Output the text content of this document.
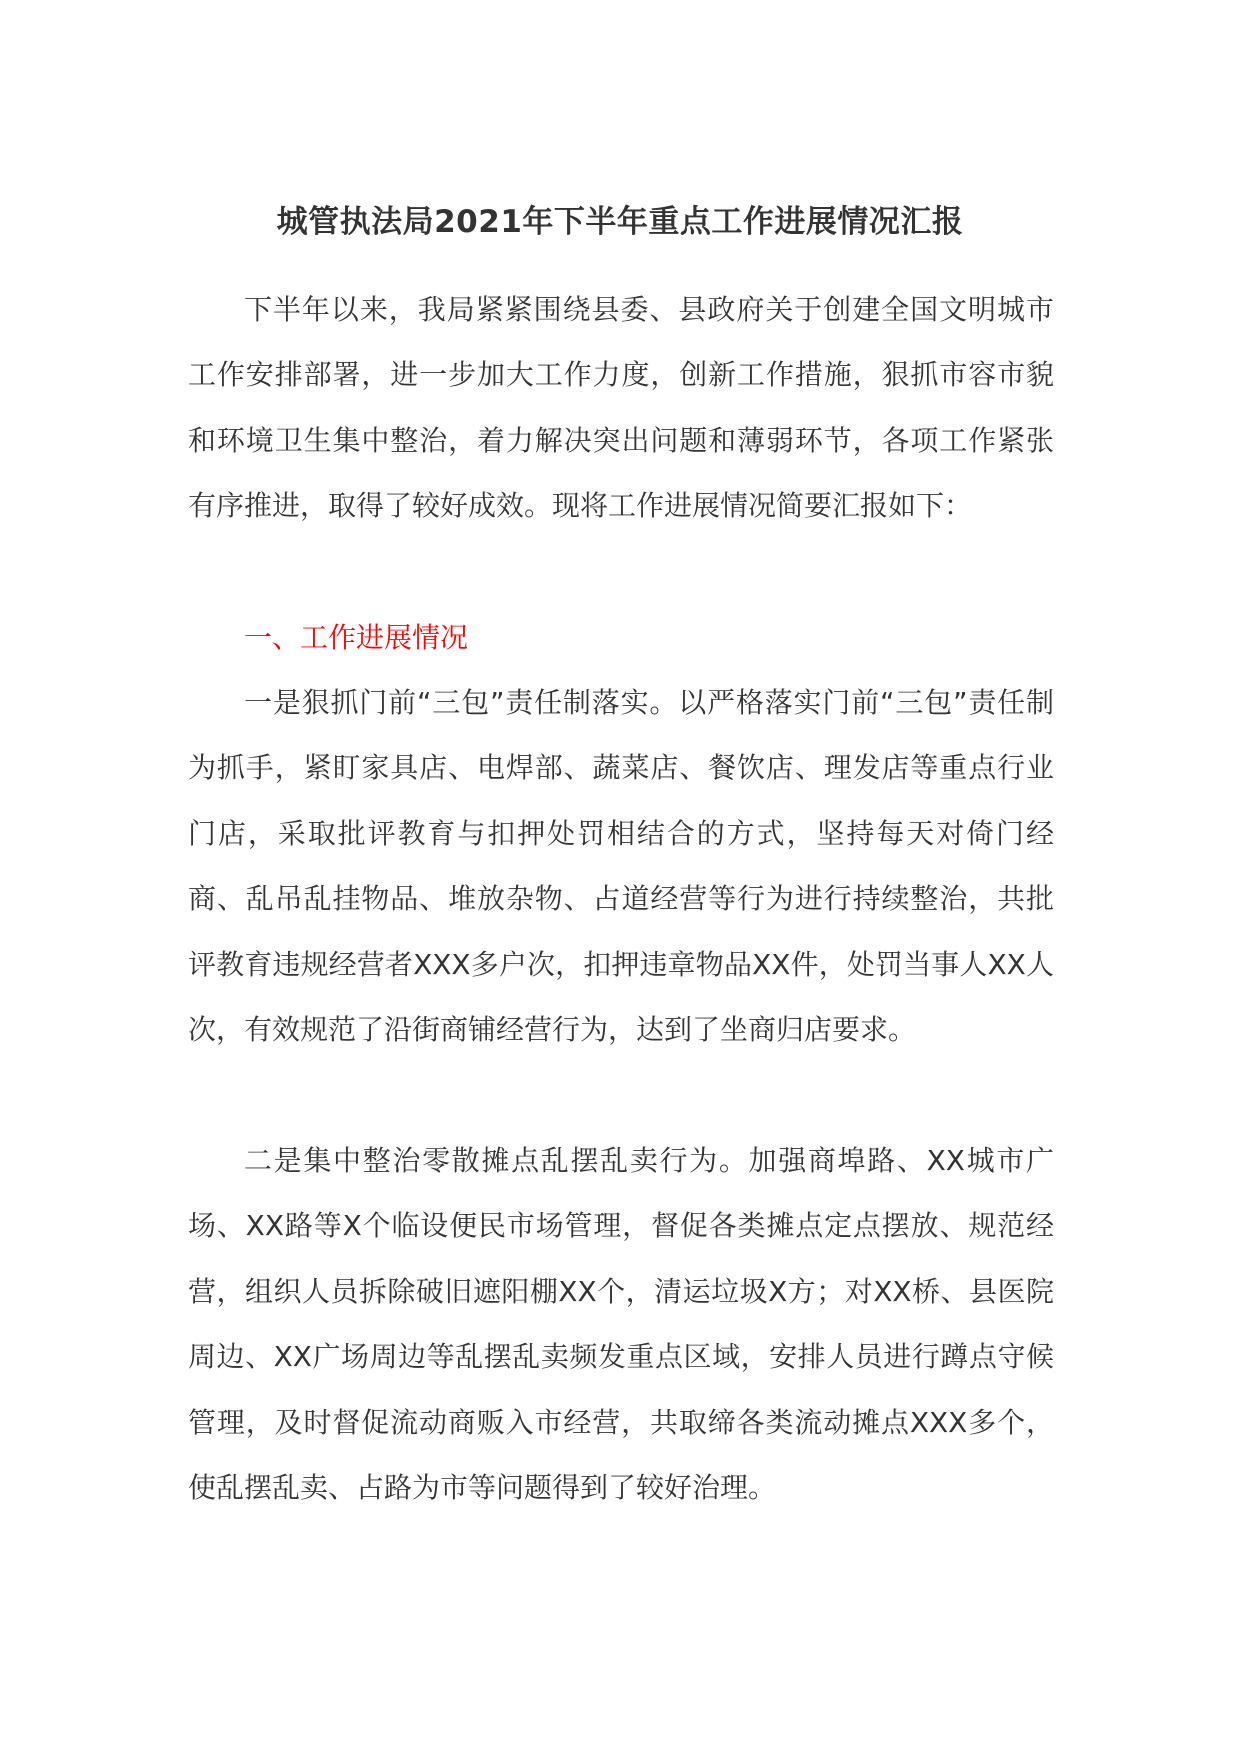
城管执法局2021年下半年重点工作进展情况汇报

下半年以来，我局紧紧围绕县委、县政府关于创建全国文明城市工作安排部署，进一步加大工作力度，创新工作措施，狠抓市容市貌和环境卫生集中整治，着力解决突出问题和薄弱环节，各项工作紧张有序推进，取得了较好成效。现将工作进展情况简要汇报如下：

一、工作进展情况

一是狠抓门前“三包”责任制落实。以严格落实门前“三包”责任制为抓手，紧盯家具店、电焊部、蔬菜店、餐饮店、理发店等重点行业门店，采取批评教育与扣押处罚相结合的方式，坚持每天对倚门经商、乱吊乱挂物品、堆放杂物、占道经营等行为进行持续整治，共批评教育违规经营者XXX多户次，扣押违章物品XX件，处罚当事人XX人次，有效规范了沿街商铺经营行为，达到了坐商归店要求。

二是集中整治零散摊点乱摆乱卖行为。加强商埠路、XX城市广场、XX路等X个临设便民市场管理，督促各类摊点定点摆放、规范经营，组织人员拆除破旧遮阳棚XX个，清运垃圾X方；对XX桥、县医院周边、XX广场周边等乱摆乱卖频发重点区域，安排人员进行蹲点守候管理，及时督促流动商贩入市经营，共取缔各类流动摊点XXX多个，使乱摆乱卖、占路为市等问题得到了较好治理。
